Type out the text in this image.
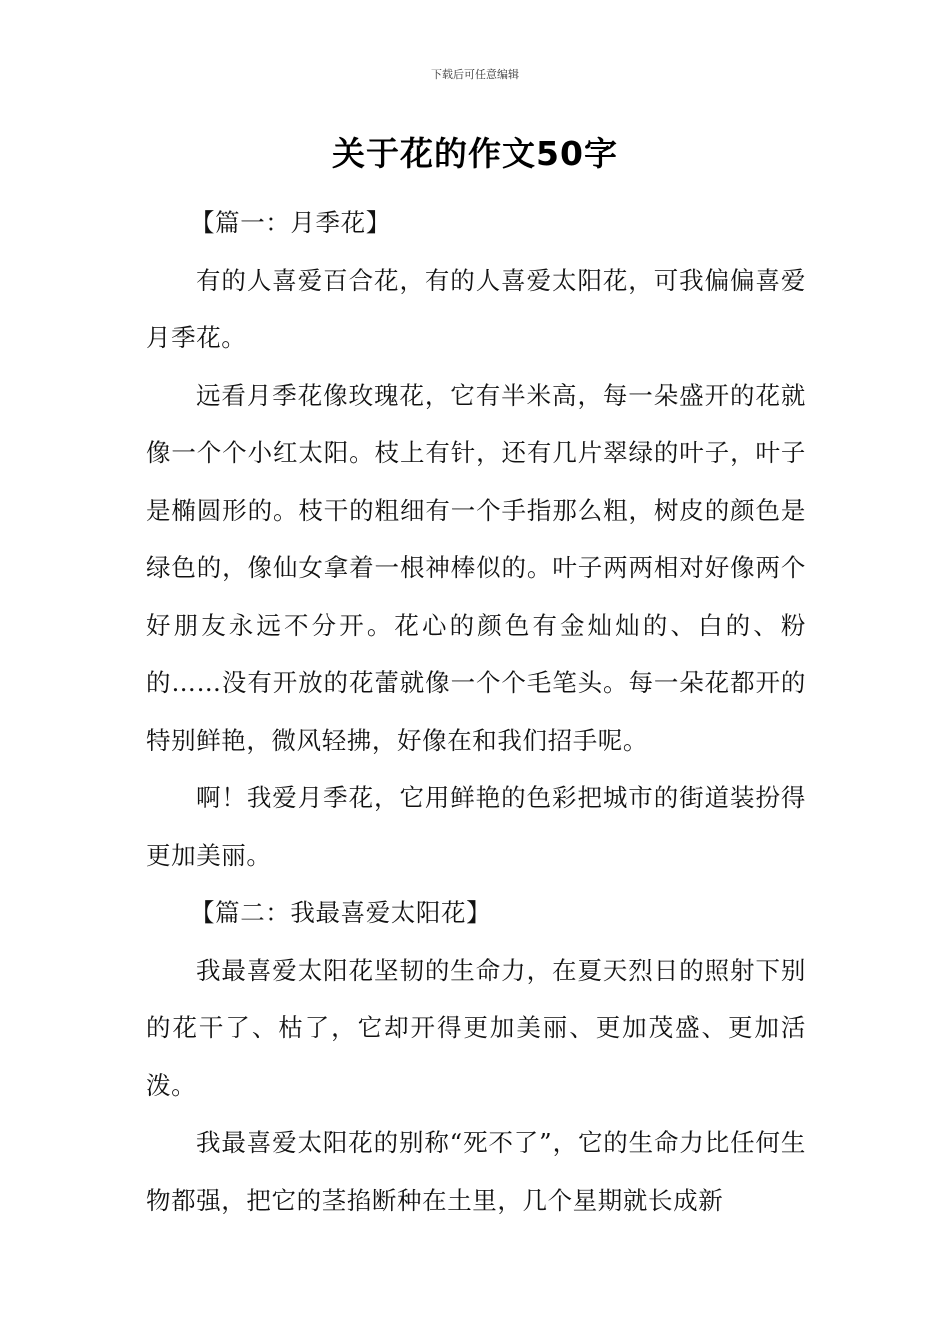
下载后可任意编辑
关于花的作文50字

【篇一：月季花】

有的人喜爱百合花，有的人喜爱太阳花，可我偏偏喜爱月季花。

远看月季花像玫瑰花，它有半米高，每一朵盛开的花就像一个个小红太阳。枝上有针，还有几片翠绿的叶子，叶子是椭圆形的。枝干的粗细有一个手指那么粗，树皮的颜色是绿色的，像仙女拿着一根神棒似的。叶子两两相对好像两个好朋友永远不分开。花心的颜色有金灿灿的、白的、粉的……没有开放的花蕾就像一个个毛笔头。每一朵花都开的特别鲜艳，微风轻拂，好像在和我们招手呢。

啊！我爱月季花，它用鲜艳的色彩把城市的街道装扮得更加美丽。

【篇二：我最喜爱太阳花】

我最喜爱太阳花坚韧的生命力，在夏天烈日的照射下别的花干了、枯了，它却开得更加美丽、更加茂盛、更加活泼。

我最喜爱太阳花的别称“死不了”，它的生命力比任何生物都强，把它的茎掐断种在土里，几个星期就长成新
